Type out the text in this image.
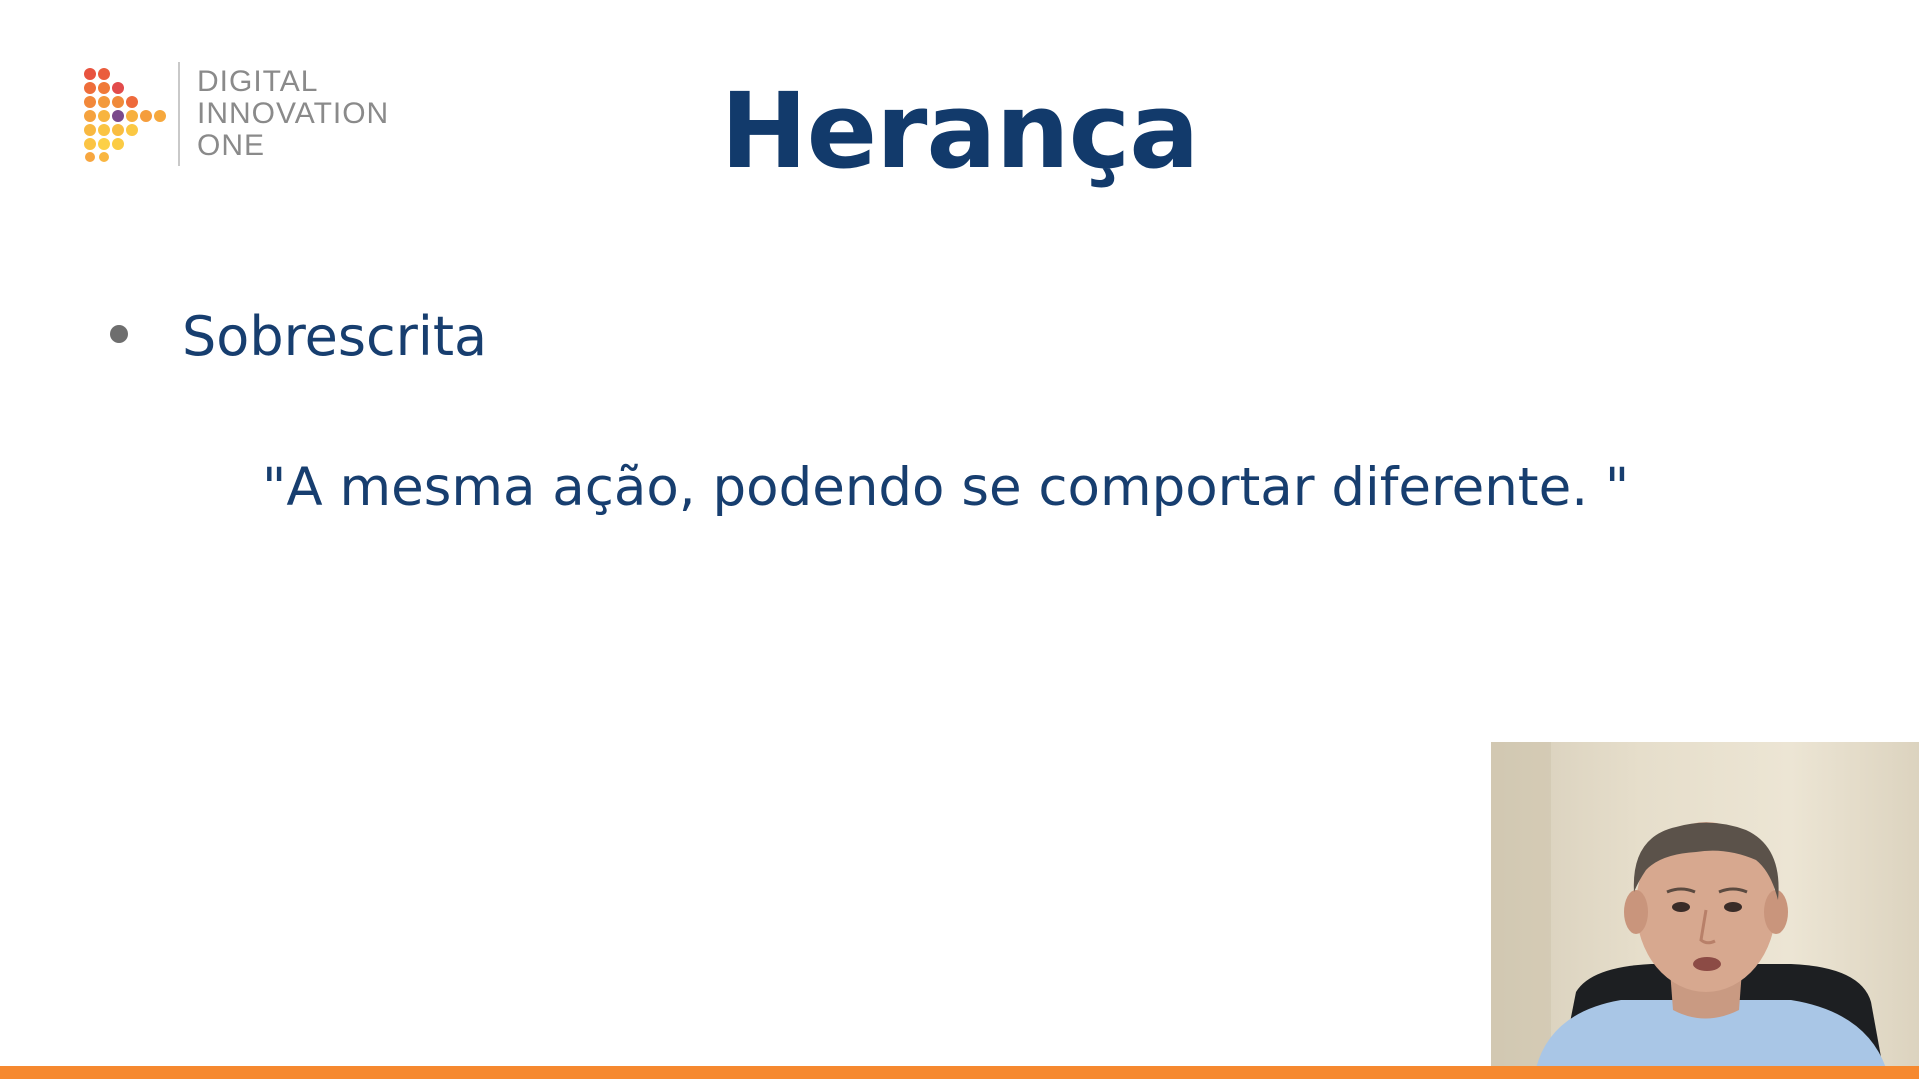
DIGITAL
INNOVATION
ONE	Herança
Sobrescrita
"A mesma ação, podendo se comportar diferente. "
